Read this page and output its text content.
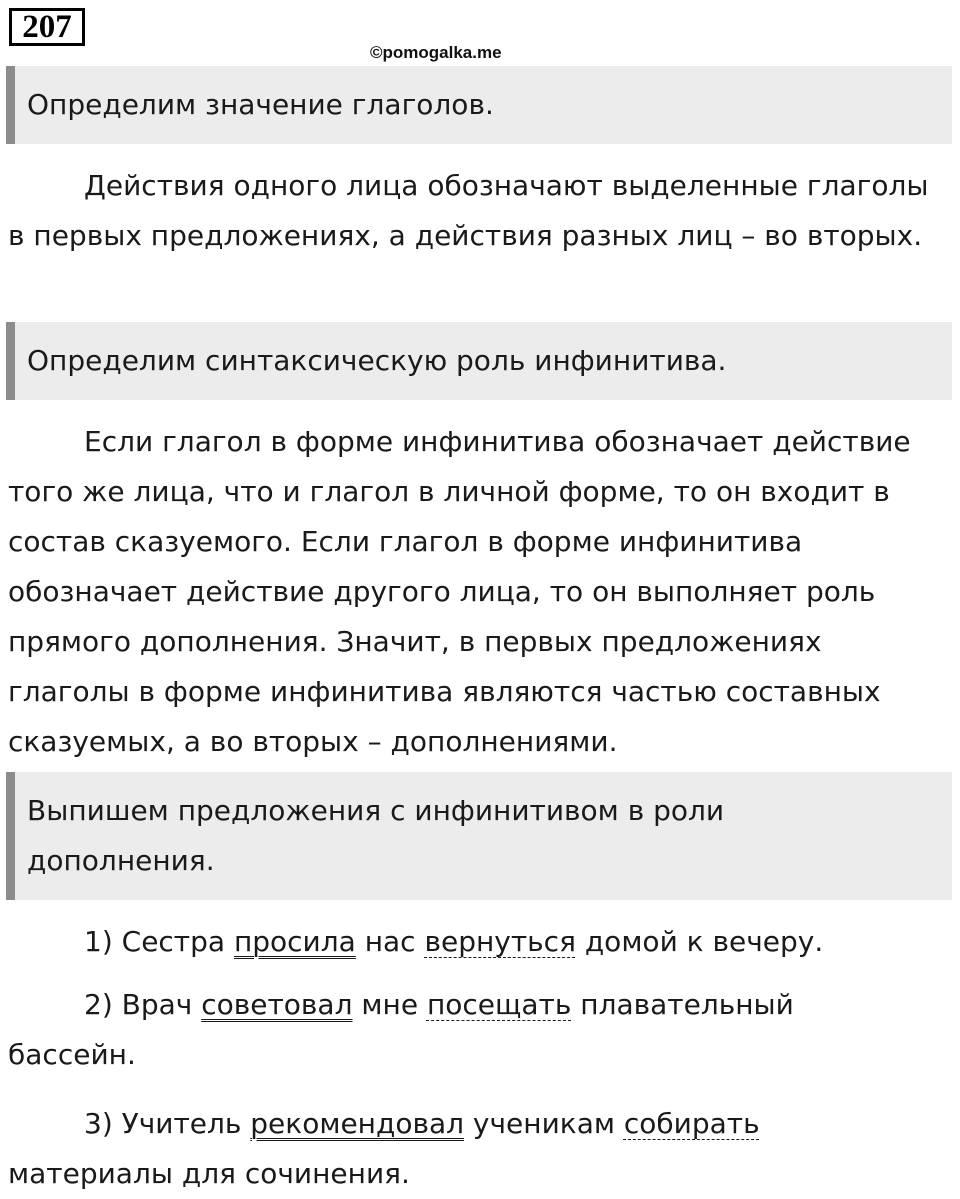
207
©pomogalka.me
Определим значение глаголов.

Действия одного лица обозначают выделенные глаголы в первых предложениях, а действия разных лиц – во вторых.

Определим синтаксическую роль инфинитива.

Если глагол в форме инфинитива обозначает действие того же лица, что и глагол в личной форме, то он входит в состав сказуемого. Если глагол в форме инфинитива обозначает действие другого лица, то он выполняет роль прямого дополнения. Значит, в первых предложениях глаголы в форме инфинитива являются частью составных сказуемых, а во вторых – дополнениями.

Выпишем предложения с инфинитивом в роли дополнения.

1) Сестра просила нас вернуться домой к вечеру.

2) Врач советовал мне посещать плавательный бассейн.

3) Учитель рекомендовал ученикам собирать материалы для сочинения.
